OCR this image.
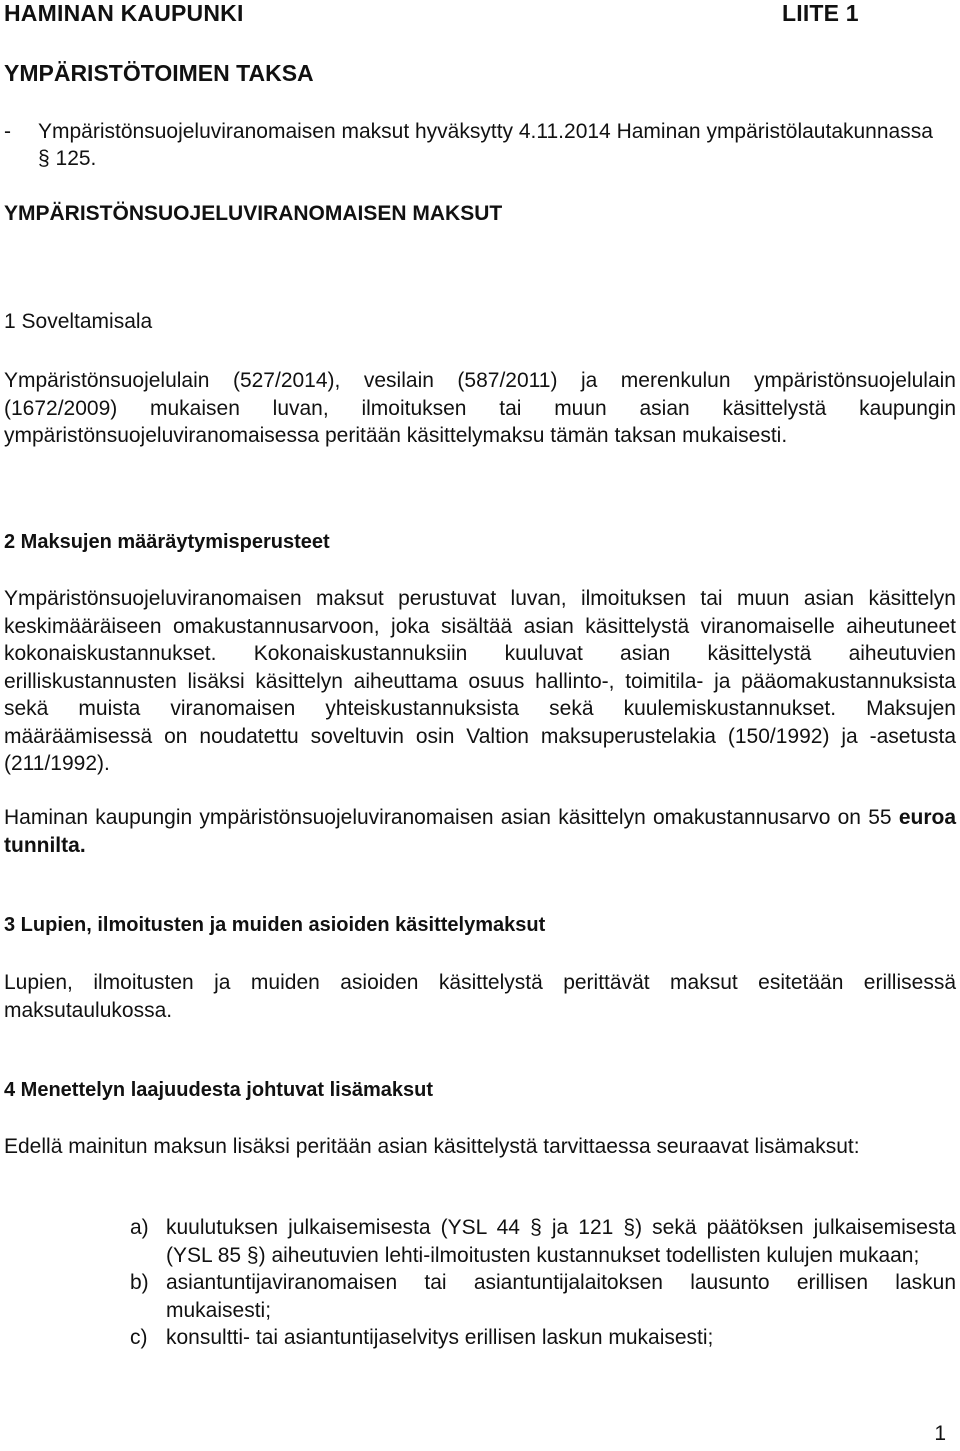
HAMINAN KAUPUNKI	LIITE 1
YMPÄRISTÖTOIMEN TAKSA
- Ympäristönsuojeluviranomaisen maksut hyväksytty 4.11.2014 Haminan ympäristölautakunnassa § 125.
YMPÄRISTÖNSUOJELUVIRANOMAISEN MAKSUT
1 Soveltamisala
Ympäristönsuojelulain (527/2014), vesilain (587/2011) ja merenkulun ympäristönsuojelulain (1672/2009) mukaisen luvan, ilmoituksen tai muun asian käsittelystä kaupungin ympäristönsuojeluviranomaisessa peritään käsittelymaksu tämän taksan mukaisesti.
2 Maksujen määräytymisperusteet
Ympäristönsuojeluviranomaisen maksut perustuvat luvan, ilmoituksen tai muun asian käsittelyn keskimääräiseen omakustannusarvoon, joka sisältää asian käsittelystä viranomaiselle aiheutuneet kokonaiskustannukset. Kokonaiskustannuksiin kuuluvat asian käsittelystä aiheutuvien erilliskustannusten lisäksi käsittelyn aiheuttama osuus hallinto-, toimitila- ja pääomakustannuksista sekä muista viranomaisen yhteiskustannuksista sekä kuulemiskustannukset. Maksujen määräämisessä on noudatettu soveltuvin osin Valtion maksuperustelakia (150/1992) ja -asetusta (211/1992).
Haminan kaupungin ympäristönsuojeluviranomaisen asian käsittelyn omakustannusarvo on 55 euroa tunnilta.
3 Lupien, ilmoitusten ja muiden asioiden käsittelymaksut
Lupien, ilmoitusten ja muiden asioiden käsittelystä perittävät maksut esitetään erillisessä maksutaulukossa.
4 Menettelyn laajuudesta johtuvat lisämaksut
Edellä mainitun maksun lisäksi peritään asian käsittelystä tarvittaessa seuraavat lisämaksut:
a) kuulutuksen julkaisemisesta (YSL 44 § ja 121 §) sekä päätöksen julkaisemisesta (YSL 85 §) aiheutuvien lehti-ilmoitusten kustannukset todellisten kulujen mukaan;
b) asiantuntijaviranomaisen tai asiantuntijalaitoksen lausunto erillisen laskun mukaisesti;
c) konsultti- tai asiantuntijaselvitys erillisen laskun mukaisesti;
1
